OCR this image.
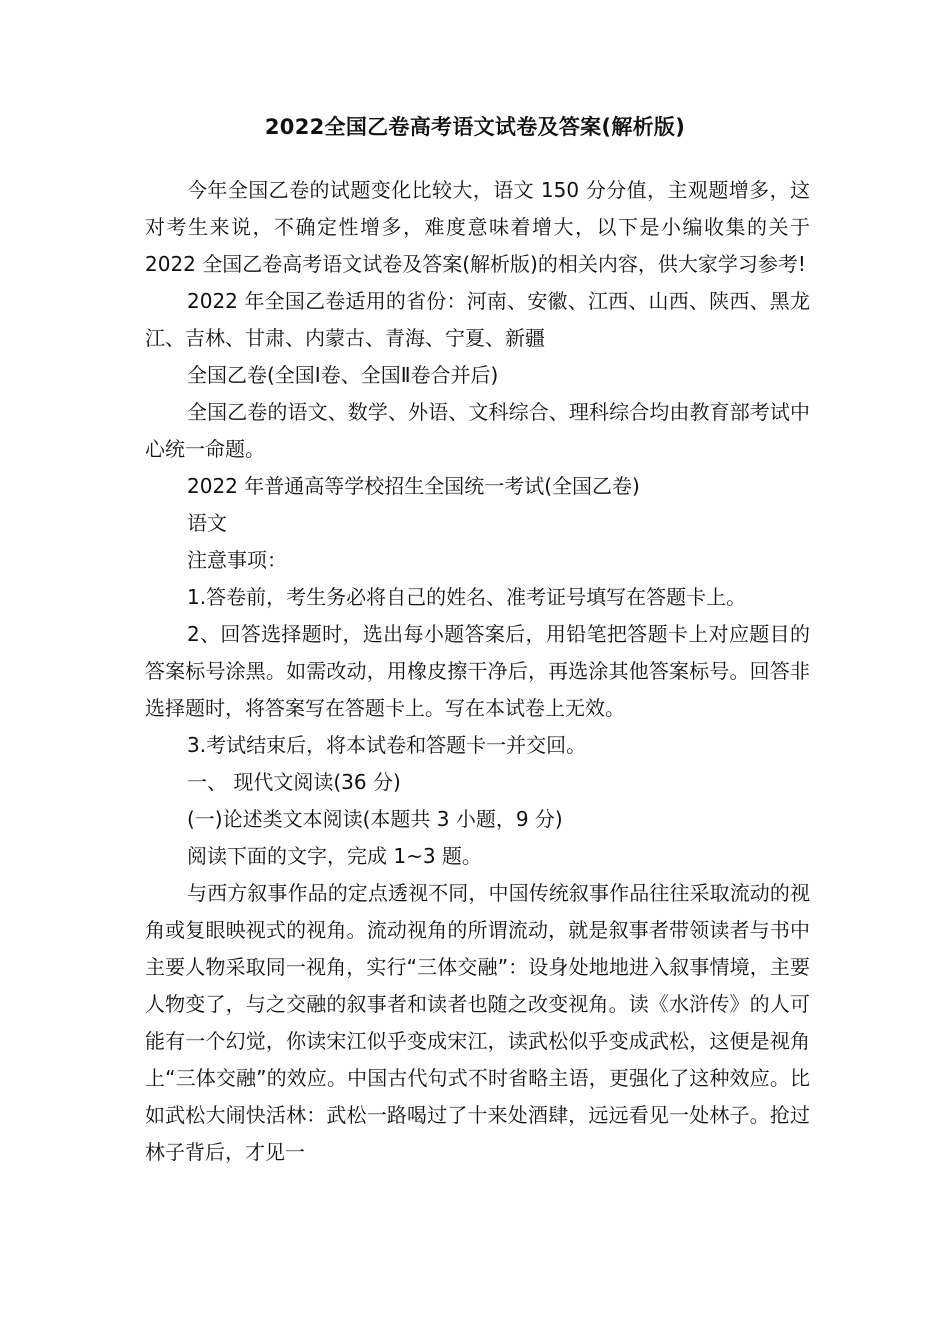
2022全国乙卷高考语文试卷及答案(解析版)

今年全国乙卷的试题变化比较大，语文 150 分分值，主观题增多，这对考生来说，不确定性增多，难度意味着增大，以下是小编收集的关于 2022 全国乙卷高考语文试卷及答案(解析版)的相关内容，供大家学习参考!

2022 年全国乙卷适用的省份：河南、安徽、江西、山西、陕西、黑龙江、吉林、甘肃、内蒙古、青海、宁夏、新疆

全国乙卷(全国Ⅰ卷、全国Ⅱ卷合并后)

全国乙卷的语文、数学、外语、文科综合、理科综合均由教育部考试中心统一命题。

2022 年普通高等学校招生全国统一考试(全国乙卷)

语文

注意事项：

1.答卷前，考生务必将自己的姓名、准考证号填写在答题卡上。

2、回答选择题时，选出每小题答案后，用铅笔把答题卡上对应题目的答案标号涂黑。如需改动，用橡皮擦干净后，再选涂其他答案标号。回答非选择题时，将答案写在答题卡上。写在本试卷上无效。

3.考试结束后，将本试卷和答题卡一并交回。

一、 现代文阅读(36 分)

(一)论述类文本阅读(本题共 3 小题，9 分)

阅读下面的文字，完成 1~3 题。

与西方叙事作品的定点透视不同，中国传统叙事作品往往采取流动的视角或复眼映视式的视角。流动视角的所谓流动，就是叙事者带领读者与书中主要人物采取同一视角，实行“三体交融”：设身处地地进入叙事情境，主要人物变了，与之交融的叙事者和读者也随之改变视角。读《水浒传》的人可能有一个幻觉，你读宋江似乎变成宋江，读武松似乎变成武松，这便是视角上“三体交融”的效应。中国古代句式不时省略主语，更强化了这种效应。比如武松大闹快活林：武松一路喝过了十来处酒肆，远远看见一处林子。抢过林子背后，才见一
